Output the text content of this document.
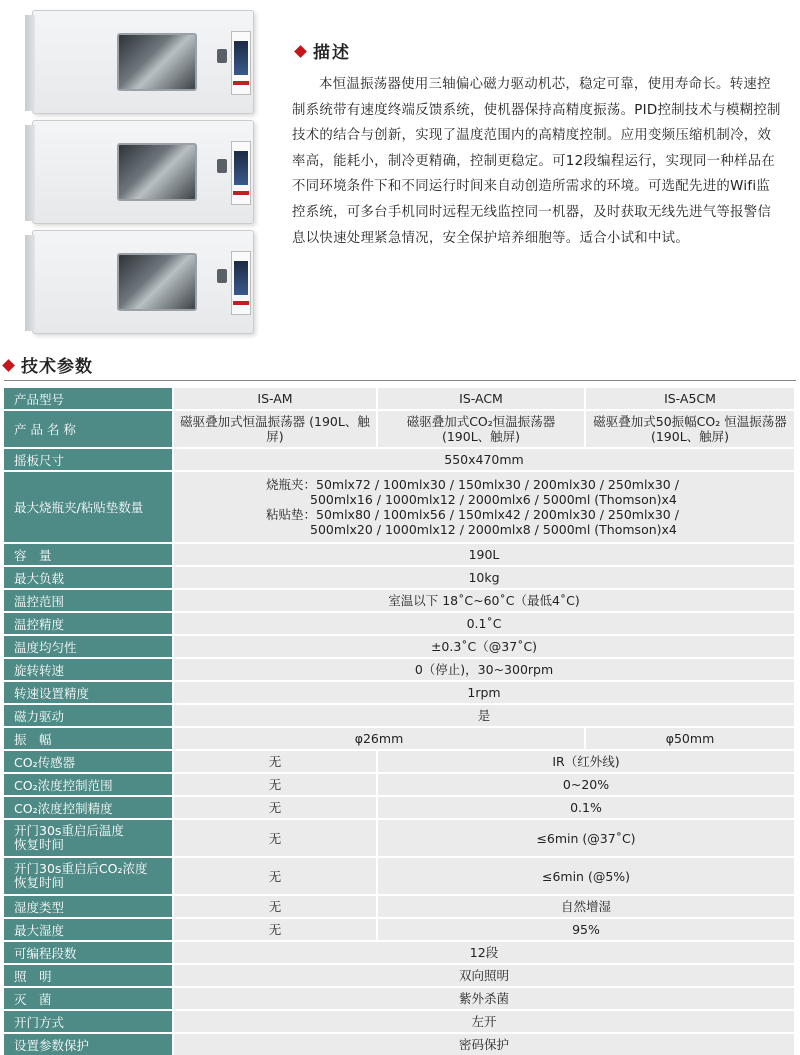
描述
本恒温振荡器使用三轴偏心磁力驱动机芯，稳定可靠，使用寿命长。转速控制系统带有速度终端反馈系统，使机器保持高精度振荡。PID控制技术与模糊控制技术的结合与创新，实现了温度范围内的高精度控制。应用变频压缩机制冷，效率高，能耗小，制冷更精确，控制更稳定。可12段编程运行，实现同一种样品在不同环境条件下和不同运行时间来自动创造所需求的环境。可选配先进的Wifi监控系统，可多台手机同时远程无线监控同一机器，及时获取无线先进气等报警信息以快速处理紧急情况，安全保护培养细胞等。适合小试和中试。
技术参数
产品型号	IS-AM	IS-ACM	IS-A5CM
产 品 名 称	磁驱叠加式恒温振荡器 (190L、触屏)	磁驱叠加式CO₂恒温振荡器 (190L、触屏)	磁驱叠加式50振幅CO₂ 恒温振荡器 (190L、触屏)
摇板尺寸	550x470mm		
最大烧瓶夹/粘贴垫数量	烧瓶夹：50mlx72 / 100mlx30 / 150mlx30 / 200mlx30 / 250mlx30 /
500mlx16 / 1000mlx12 / 2000mlx6 / 5000ml (Thomson)x4
粘贴垫：50mlx80 / 100mlx56 / 150mlx42 / 200mlx30 / 250mlx30 /
500mlx20 / 1000mlx12 / 2000mlx8 / 5000ml (Thomson)x4		

容　量	190L		
最大负载	10kg		
温控范围	室温以下 18˚C~60˚C（最低4˚C)		
温控精度	0.1˚C		
温度均匀性	±0.3˚C（@37˚C)		
旋转转速	0（停止)，30~300rpm		
转速设置精度	1rpm		
磁力驱动	是		
振　幅	φ26mm		φ50mm
CO₂传感器	无	IR（红外线)	
CO₂浓度控制范围	无	0~20%	
CO₂浓度控制精度	无	0.1%	

开门30s重启后温度
恢复时间	无	≤6min (@37˚C)	

开门30s重启后CO₂浓度
恢复时间	无	≤6min (@5%)	
湿度类型	无	自然增湿	
最大湿度	无	95%	
可编程段数	12段		
照　明	双向照明		
灭　菌	紫外杀菌		
开门方式	左开		
设置参数保护	密码保护		
